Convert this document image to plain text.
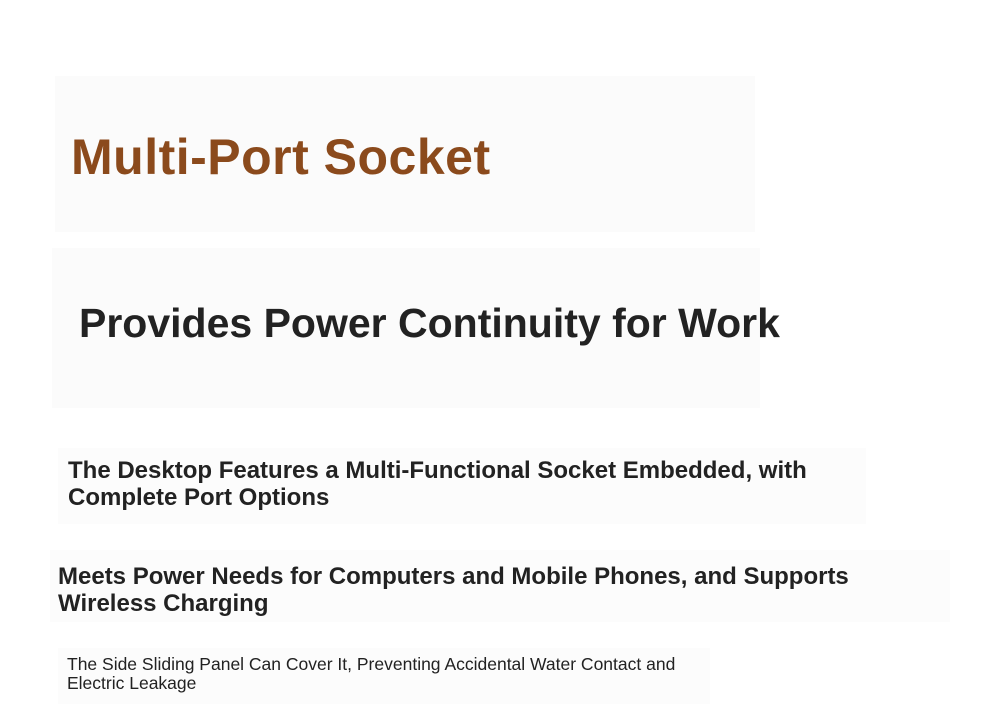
Multi-Port Socket
Provides Power Continuity for Work

The Desktop Features a Multi-Functional Socket Embedded, with Complete Port Options

Meets Power Needs for Computers and Mobile Phones, and Supports Wireless Charging

The Side Sliding Panel Can Cover It, Preventing Accidental Water Contact and Electric Leakage
